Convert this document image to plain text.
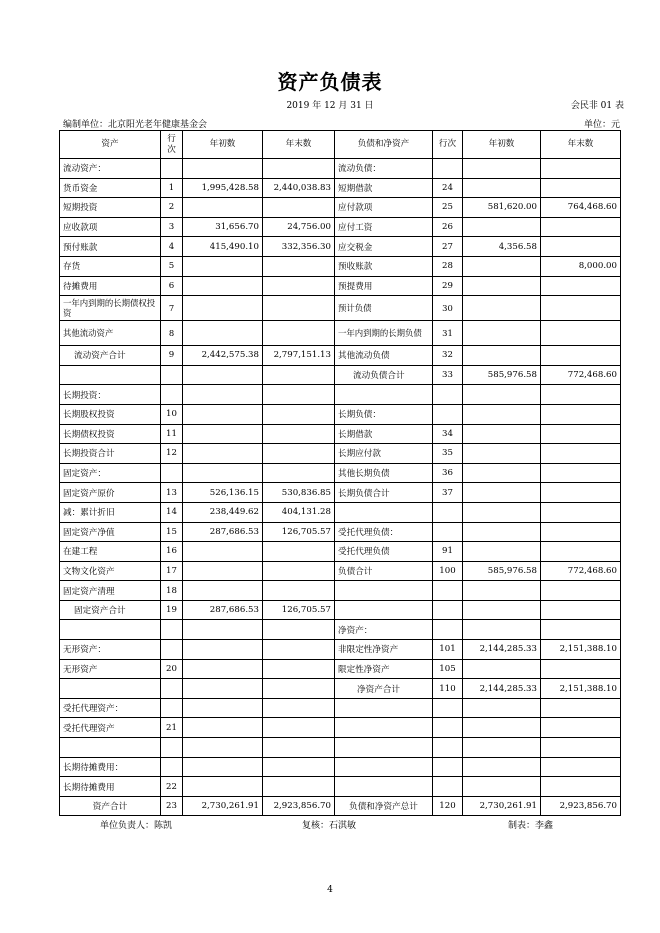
资产负债表
2019 年 12 月 31 日	会民非 01 表
编制单位：北京阳光老年健康基金会	单位：元
资产	行次	年初数	年末数	负债和净资产	行次	年初数	年末数
流动资产：				流动负债：			
货币资金	1	1,995,428.58	2,440,038.83	短期借款	24		
短期投资	2			应付款项	25	581,620.00	764,468.60
应收款项	3	31,656.70	24,756.00	应付工资	26		
预付账款	4	415,490.10	332,356.30	应交税金	27	4,356.58	
存货	5			预收账款	28		8,000.00
待摊费用	6			预提费用	29		
一年内到期的长期债权投资	7			预计负债	30		
其他流动资产	8			一年内到期的长期负债	31		
流动资产合计	9	2,442,575.38	2,797,151.13	其他流动负债	32		
				流动负债合计	33	585,976.58	772,468.60
长期投资：							
长期股权投资	10			长期负债：			
长期债权投资	11			长期借款	34		
长期投资合计	12			长期应付款	35		
固定资产：				其他长期负债	36		
固定资产原价	13	526,136.15	530,836.85	长期负债合计	37		
减：累计折旧	14	238,449.62	404,131.28				
固定资产净值	15	287,686.53	126,705.57	受托代理负债：			
在建工程	16			受托代理负债	91		
文物文化资产	17			负债合计	100	585,976.58	772,468.60
固定资产清理	18						
固定资产合计	19	287,686.53	126,705.57				
				净资产：			
无形资产：				非限定性净资产	101	2,144,285.33	2,151,388.10
无形资产	20			限定性净资产	105		
				净资产合计	110	2,144,285.33	2,151,388.10
受托代理资产：							
受托代理资产	21						

长期待摊费用：							
长期待摊费用	22						
资产合计	23	2,730,261.91	2,923,856.70	负债和净资产总计	120	2,730,261.91	2,923,856.70
单位负责人：陈凯	复核：石淇敏	制表：李鑫
4
